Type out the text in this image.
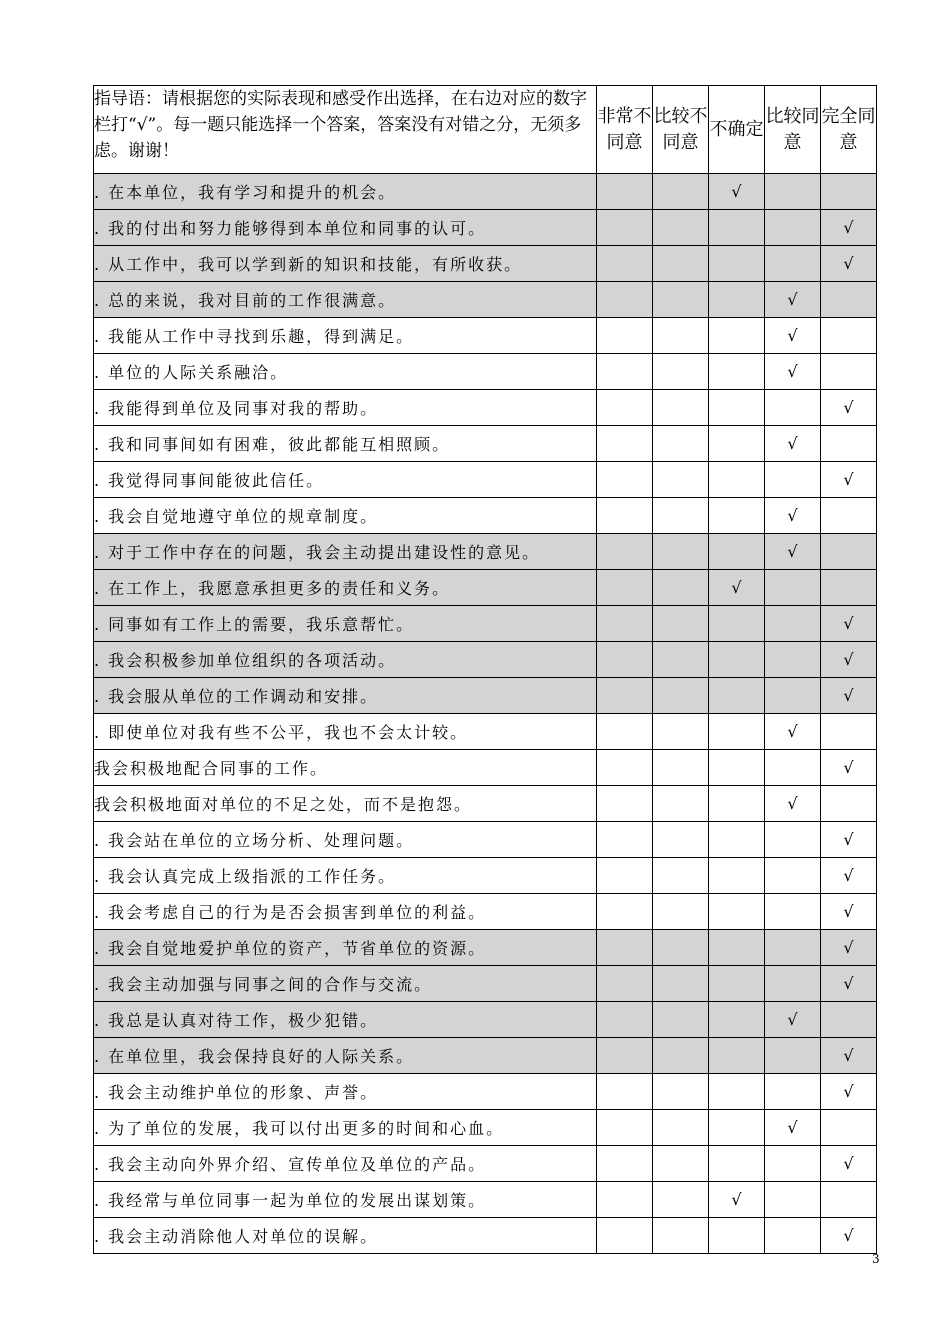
指导语：请根据您的实际表现和感受作出选择，在右边对应的数字栏打“√”。每一题只能选择一个答案，答案没有对错之分，无须多虑。谢谢！	非常不同意	比较不同意	不确定	比较同意	完全同意
. 在本单位，我有学习和提升的机会。			√		
. 我的付出和努力能够得到本单位和同事的认可。					√
. 从工作中，我可以学到新的知识和技能，有所收获。					√
. 总的来说，我对目前的工作很满意。				√	
. 我能从工作中寻找到乐趣，得到满足。				√	
. 单位的人际关系融洽。				√	
. 我能得到单位及同事对我的帮助。					√
. 我和同事间如有困难，彼此都能互相照顾。				√	
. 我觉得同事间能彼此信任。					√
. 我会自觉地遵守单位的规章制度。				√	
. 对于工作中存在的问题，我会主动提出建设性的意见。				√	
. 在工作上，我愿意承担更多的责任和义务。			√		
. 同事如有工作上的需要，我乐意帮忙。					√
. 我会积极参加单位组织的各项活动。					√
. 我会服从单位的工作调动和安排。					√
. 即使单位对我有些不公平，我也不会太计较。				√	
我会积极地配合同事的工作。					√
我会积极地面对单位的不足之处，而不是抱怨。				√	
. 我会站在单位的立场分析、处理问题。					√
. 我会认真完成上级指派的工作任务。					√
. 我会考虑自己的行为是否会损害到单位的利益。					√
. 我会自觉地爱护单位的资产，节省单位的资源。					√
. 我会主动加强与同事之间的合作与交流。					√
. 我总是认真对待工作，极少犯错。				√	
. 在单位里，我会保持良好的人际关系。					√
. 我会主动维护单位的形象、声誉。					√
. 为了单位的发展，我可以付出更多的时间和心血。				√	
. 我会主动向外界介绍、宣传单位及单位的产品。					√
. 我经常与单位同事一起为单位的发展出谋划策。			√		
. 我会主动消除他人对单位的误解。					√
3
